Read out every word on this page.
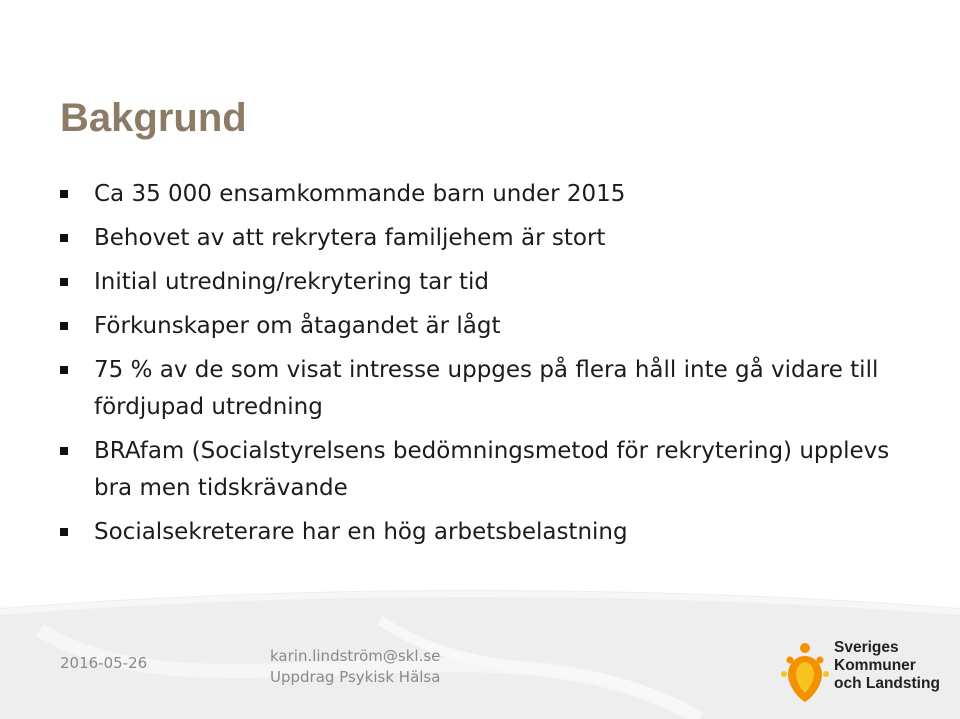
Bakgrund
Ca 35 000 ensamkommande barn under 2015
Behovet av att rekrytera familjehem är stort
Initial utredning/rekrytering tar tid
Förkunskaper om åtagandet är lågt
75 % av de som visat intresse uppges på flera håll inte gå vidare till fördjupad utredning
BRAfam (Socialstyrelsens bedömningsmetod för rekrytering) upplevs bra men tidskrävande
Socialsekreterare har en hög arbetsbelastning
2016-05-26	karin.lindström@skl.se
Uppdrag Psykisk Hälsa
Sveriges
Kommuner
och Landsting
